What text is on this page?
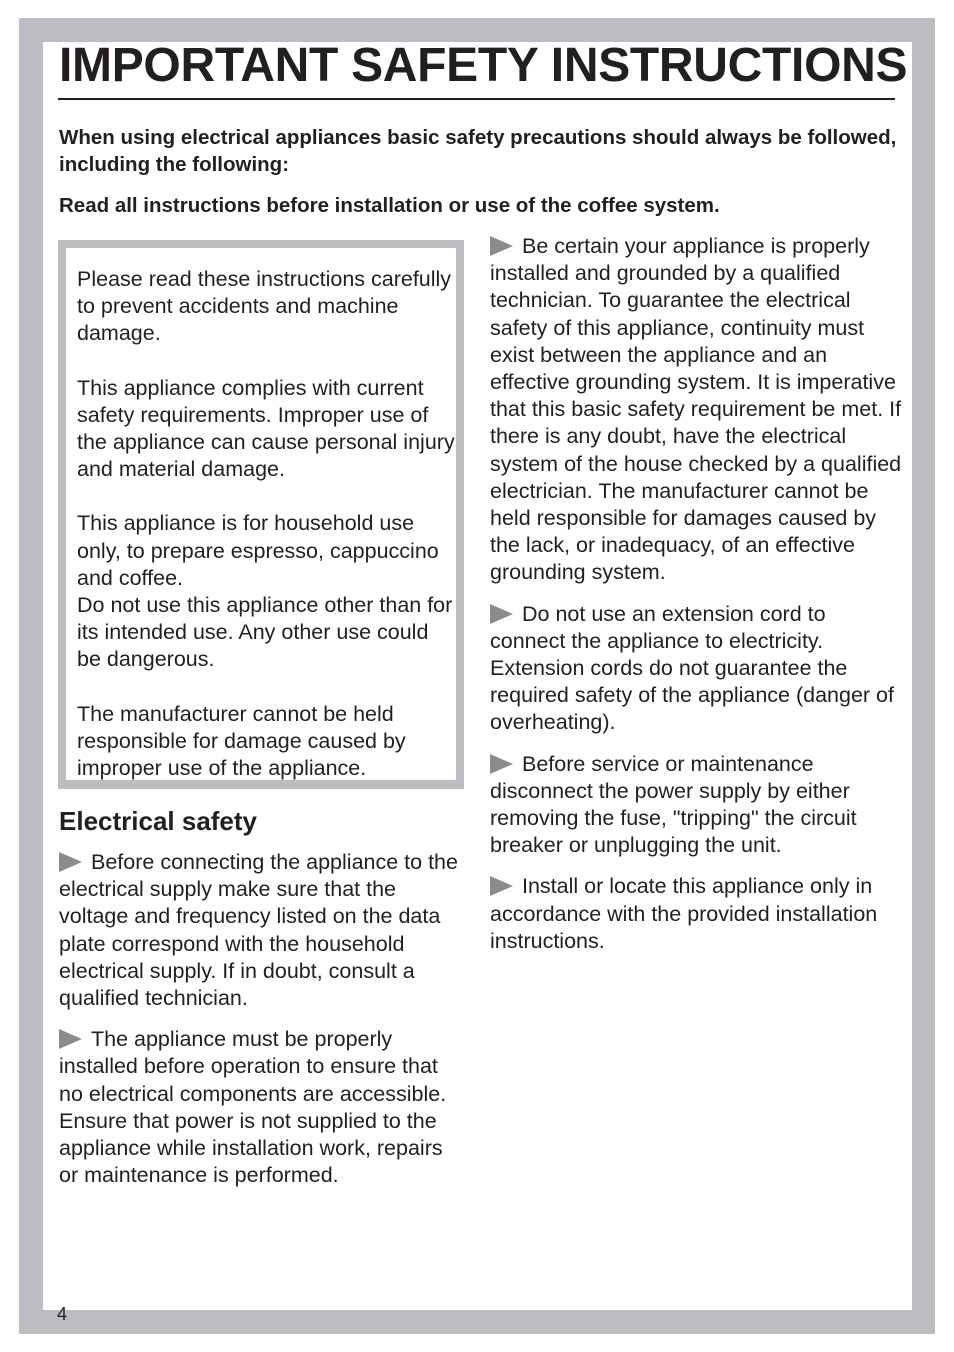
IMPORTANT SAFETY INSTRUCTIONS

When using electrical appliances basic safety precautions should always be followed, including the following:

Read all instructions before installation or use of the coffee system.

Please read these instructions carefully to prevent accidents and machine damage.

This appliance complies with current safety requirements. Improper use of the appliance can cause personal injury and material damage.

This appliance is for household use only, to prepare espresso, cappuccino and coffee.

Do not use this appliance other than for its intended use. Any other use could be dangerous.

The manufacturer cannot be held responsible for damage caused by improper use of the appliance.

Electrical safety

Before connecting the appliance to the electrical supply make sure that the voltage and frequency listed on the data plate correspond with the household electrical supply. If in doubt, consult a qualified technician.

The appliance must be properly installed before operation to ensure that no electrical components are accessible. Ensure that power is not supplied to the appliance while installation work, repairs or maintenance is performed.

Be certain your appliance is properly installed and grounded by a qualified technician. To guarantee the electrical safety of this appliance, continuity must exist between the appliance and an effective grounding system. It is imperative that this basic safety requirement be met. If there is any doubt, have the electrical system of the house checked by a qualified electrician. The manufacturer cannot be held responsible for damages caused by the lack, or inadequacy, of an effective grounding system.

Do not use an extension cord to connect the appliance to electricity. Extension cords do not guarantee the required safety of the appliance (danger of overheating).

Before service or maintenance disconnect the power supply by either removing the fuse, "tripping" the circuit breaker or unplugging the unit.

Install or locate this appliance only in accordance with the provided installation instructions.

4
